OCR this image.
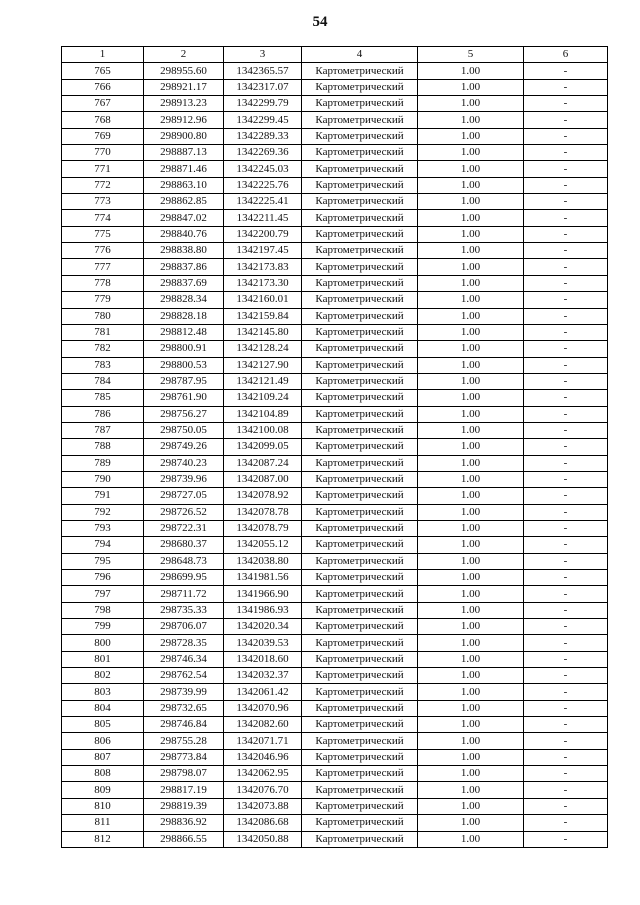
54
1	2	3	4	5	6
765	298955.60	1342365.57	Картометрический	1.00	-
766	298921.17	1342317.07	Картометрический	1.00	-
767	298913.23	1342299.79	Картометрический	1.00	-
768	298912.96	1342299.45	Картометрический	1.00	-
769	298900.80	1342289.33	Картометрический	1.00	-
770	298887.13	1342269.36	Картометрический	1.00	-
771	298871.46	1342245.03	Картометрический	1.00	-
772	298863.10	1342225.76	Картометрический	1.00	-
773	298862.85	1342225.41	Картометрический	1.00	-
774	298847.02	1342211.45	Картометрический	1.00	-
775	298840.76	1342200.79	Картометрический	1.00	-
776	298838.80	1342197.45	Картометрический	1.00	-
777	298837.86	1342173.83	Картометрический	1.00	-
778	298837.69	1342173.30	Картометрический	1.00	-
779	298828.34	1342160.01	Картометрический	1.00	-
780	298828.18	1342159.84	Картометрический	1.00	-
781	298812.48	1342145.80	Картометрический	1.00	-
782	298800.91	1342128.24	Картометрический	1.00	-
783	298800.53	1342127.90	Картометрический	1.00	-
784	298787.95	1342121.49	Картометрический	1.00	-
785	298761.90	1342109.24	Картометрический	1.00	-
786	298756.27	1342104.89	Картометрический	1.00	-
787	298750.05	1342100.08	Картометрический	1.00	-
788	298749.26	1342099.05	Картометрический	1.00	-
789	298740.23	1342087.24	Картометрический	1.00	-
790	298739.96	1342087.00	Картометрический	1.00	-
791	298727.05	1342078.92	Картометрический	1.00	-
792	298726.52	1342078.78	Картометрический	1.00	-
793	298722.31	1342078.79	Картометрический	1.00	-
794	298680.37	1342055.12	Картометрический	1.00	-
795	298648.73	1342038.80	Картометрический	1.00	-
796	298699.95	1341981.56	Картометрический	1.00	-
797	298711.72	1341966.90	Картометрический	1.00	-
798	298735.33	1341986.93	Картометрический	1.00	-
799	298706.07	1342020.34	Картометрический	1.00	-
800	298728.35	1342039.53	Картометрический	1.00	-
801	298746.34	1342018.60	Картометрический	1.00	-
802	298762.54	1342032.37	Картометрический	1.00	-
803	298739.99	1342061.42	Картометрический	1.00	-
804	298732.65	1342070.96	Картометрический	1.00	-
805	298746.84	1342082.60	Картометрический	1.00	-
806	298755.28	1342071.71	Картометрический	1.00	-
807	298773.84	1342046.96	Картометрический	1.00	-
808	298798.07	1342062.95	Картометрический	1.00	-
809	298817.19	1342076.70	Картометрический	1.00	-
810	298819.39	1342073.88	Картометрический	1.00	-
811	298836.92	1342086.68	Картометрический	1.00	-
812	298866.55	1342050.88	Картометрический	1.00	-
